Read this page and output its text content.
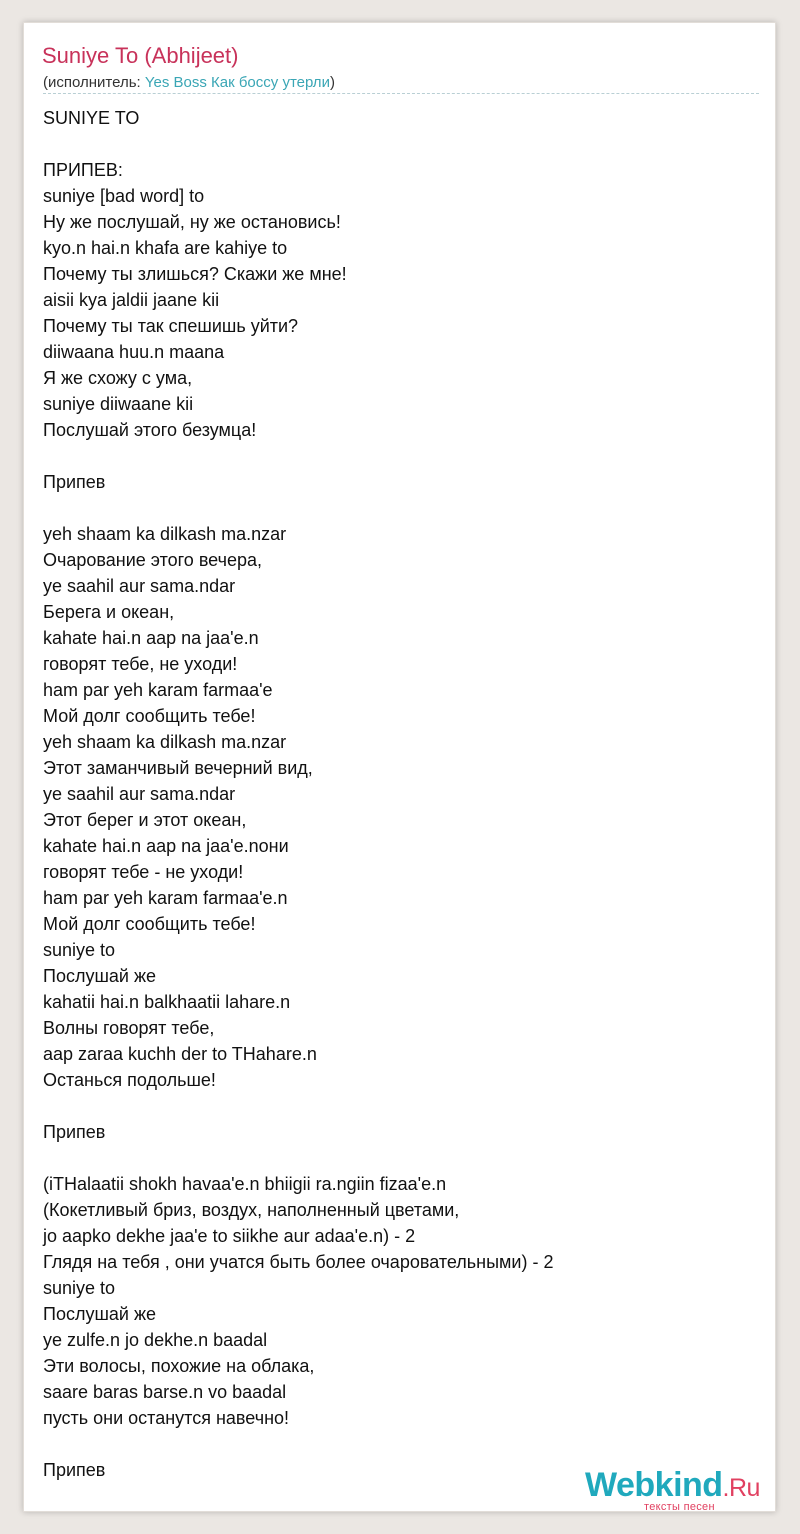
Suniye To (Abhijeet)
(исполнитель: Yes Boss Как боссу утерли)
SUNIYE TO
ПРИПЕВ:
suniye [bad word] to
Ну же послушай, ну же остановись!
kyo.n hai.n khafa are kahiye to
Почему ты злишься? Скажи же мне!
aisii kya jaldii jaane kii
Почему ты так спешишь уйти?
diiwaana huu.n maana
Я же схожу с ума,
suniye diiwaane kii
Послушай этого безумца!
Припев
yeh shaam ka dilkash ma.nzar
Очарование этого вечера,
ye saahil aur sama.ndar
Берега и океан,
kahate hai.n aap na jaa'e.n
говорят тебе, не уходи!
ham par yeh karam farmaa'e
Мой долг сообщить тебе!
yeh shaam ka dilkash ma.nzar
Этот заманчивый вечерний вид,
ye saahil aur sama.ndar
Этот берег и этот океан,
kahate hai.n aap na jaa'e.nони
говорят тебе - не уходи!
ham par yeh karam farmaa'e.n
Мой долг сообщить тебе!
suniye to
Послушай же
kahatii hai.n balkhaatii lahare.n
Волны говорят тебе,
aap zaraa kuchh der to THahare.n
Останься подольше!
Припев
(iTHalaatii shokh havaa'e.n bhiigii ra.ngiin fizaa'e.n
(Кокетливый бриз, воздух, наполненный цветами,
jo aapko dekhe jaa'e to siikhe aur adaa'e.n) - 2
Глядя на тебя , они учатся быть более очаровательными) - 2
suniye to
Послушай же
ye zulfe.n jo dekhe.n baadal
Эти волосы, похожие на облака,
saare baras barse.n vo baadal
пусть они останутся навечно!
Припев	Webkind.Ru
тексты песен
